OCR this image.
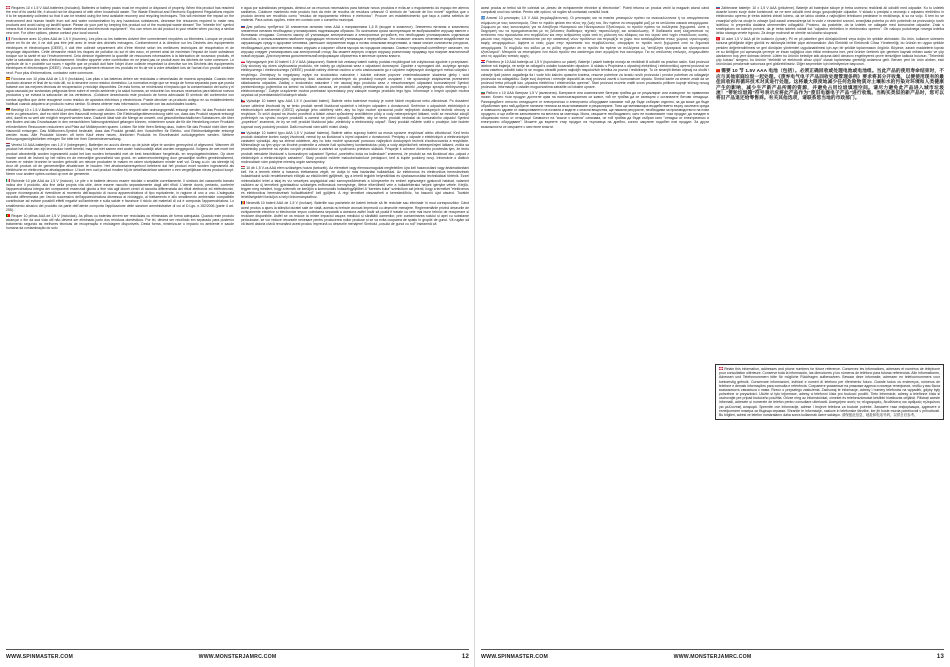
Requires 10 x 1.5 V AAA batteries (included). Batteries or battery packs must be recycled or disposed of properly. When this product has reached the end of its useful life, it should not be disposed of with other household waste. The Waste Electrical and Electronic Equipment Regulations require it to be separately collected so that it can be treated using the best available recovery and recycling techniques. This will minimize the impact on the environment and human health from soil and water contamination by any hazardous substances, decrease the resources required to make new products and avoid using up landfill space. Please do your part by keeping this product out of the municipal waste stream! The "wheelie bin" symbol means that it should be collected as "waste electrical and electronic equipment". You can return an old product to your retailer when you buy a similar new one. For other options, please contact your local council.

Fonctionne avec 10 piles AAA de 1,5 V (fournies). Les piles ou les batteries doivent être correctement recyclées ou éliminées. Lorsque ce produit arrive en fin de vie, il ne doit pas être jeté avec le reste des déchets ménagers. Conformément à la directive sur les Déchets des équipements électriques et électroniques (DEEE), il doit être collecté séparément afin d'être éliminé selon les meilleures techniques de récupération et de recyclage disponibles. Cette démarche réduit les risques de pollution du sol et des eaux, et permet ainsi de minimiser l'impact de toute substance toxique sur la santé et sur l'environnement. Cela diminue également la quantité de ressources nécessaires à la fabrication de nouveaux produits, et évite la saturation des sites d'enfouissement. Veuillez apporter votre contribution en ne jetant pas ce produit avec les déchets de votre commune. Le symbole de la « poubelle sur roues » signifie que ce produit doit faire l'objet d'une collecte respectant la directive sur les Déchets des équipements électriques et électroniques (DEEE). Vous pouvez également retourner les produits en fin de vie à votre détaillant lors de l'achat d'un produit similaire neuf. Pour plus d'informations, contactez votre commune.

Funciona con 10 pilas AAA de 1,5 V (incluidas). Las pilas o las baterías deben ser recicladas o desechadas de manera apropiada. Cuando este producto alcance el final de su vida útil, no lo deseche como residuo doméstico. La normativa exige que se recoja de forma separada para que pueda tratarse con las mejores técnicas de recuperación y reciclaje disponibles. De esta forma, se minimizará el impacto que la contaminación del suelo y el agua causada por sustancias peligrosas tiene sobre el medio ambiente y la salud humana, se reducirán los recursos necesarios para fabricar nuevos productos y se evitará la saturación de los vertederos. ¡Colabore desechando este producto de forma adecuada! El símbolo del contenedor con ruedas significa que debe recogerse como residuo de aparatos eléctricos y electrónicos. Puede devolver un producto antiguo en su establecimiento habitual cuando adquiera un producto nuevo similar. Si desea obtener más información, consulte con las autoridades locales.

Benötigt 10 x 1,5-V-Batterien AAA (enthalten). Batterien oder Akkus müssen recycelt oder ordnungsgemäß entsorgt werden. Ist das Produkt nicht mehr zu gebrauchen, darf es nicht über den Hausmüll entsorgt werden. Die Elektroaltgeräteverordnung sieht vor, dass das Produkt separat entsorgt wird, damit es so weit wie möglich recycelt werden kann. Dadurch lässt sich die Menge an umwelt- und gesundheitsschädlichen Substanzen, die über den Boden und das Grundwasser in den menschlichen Nahrungskreislauf gelangen können, minimieren sowie die für die Herstellung neuer Produkte erforderlichen Ressourcen reduzieren und Platz auf Mülldeponien sparen. Leisten Sie bitte Ihren Beitrag dazu, indem Sie das Produkt nicht über den Hausmüll entsorgen. Das Mülltonnen-Symbol bedeutet, dass das Produkt gemäß den Vorschriften für Elektro- und Elektronikaltgeräte entsorgt werden muss. Alte Produkte können oft beim Kauf eines neuen, ähnlichen Produkts im Einzelhandel zurückgegeben werden. Weitere Entsorgungsmöglichkeiten erfragen Sie bitte bei Ihrer Gemeindeverwaltung.

Vereist 10 AAA-batterijen van 1,5 V (inbegrepen). Batterijen en accu's dienen op de juiste wijze te worden gerecycled of afgevoerd. Wanneer dit product het einde van zijn levensduur heeft bereikt, mag het niet samen met ander huishoudelijk afval worden weggegooid. Volgens de wet moet het product afzonderlijk worden ingezameld zodat het kan worden behandeld met de best beschikbare hergebruik- en recyclagetechnieken. Op deze manier wordt de invloed op het milieu en de menselijke gezondheid van grond- en waterverontreiniging door gevaarlijke stoffen geminimaliseerd, hoeven er minder bronnen te worden gebruikt om nieuwe producten te maken en raken stortplaatsen minder snel vol. Draag a.u.b. uw steentje bij door dit product uit de gemeentelijke afvalstroom te houden. Het afvalcontainersymbool betekent dat het product moet worden ingezameld als elektrische en elektronische afvalapparatuur. U kunt een oud product inruilen bij de detailhandelaar wanneer u een vergelijkbaar nieuw product koopt. Neem voor andere opties contact op met de gemeente.

Richiede 10 pile AAA da 1,5 V (incluse). Le pile o le batterie devono essere riciclate o smaltite correttamente. Il simbolo del cassonetto barrato indica che il prodotto, alla fine della propria vita utile, deve essere raccolto separatamente dagli altri rifiuti. L'utente dovrà, pertanto, conferire l'apparecchiatura integra dei componenti essenziali giunta a fine vita agli idonei centri di raccolta differenziata dei rifiuti elettronici ed elettrotecnici, oppure riconsegnarla al rivenditore al momento dell'acquisto di nuova apparecchiatura di tipo equivalente, in ragione di uno a uno. L'adeguata raccolta differenziata per l'avvio successivo dell'apparecchiatura dismessa al riciclaggio, al trattamento e allo smaltimento ambientale compatibile contribuisce ad evitare possibili effetti negativi sull'ambiente e sulla salute e favorisce il riciclo dei materiali di cui è composta l'apparecchiatura. Lo smaltimento abusivo del prodotto da parte dell'utente comporta l'applicazione delle sanzioni amministrative di cui al D.Lgs. n.152/2006 (parte 4 art. 255).

Requer 10 pilhas AAA de 1,5 V (incluídas). As pilhas ou baterias devem ser recicladas ou eliminadas de forma adequada. Quando este produto alcançar o fim da sua vida útil não deverá ser eliminado junto dos resíduos domésticos. Por lei, deverá ser recolhido em separado para posterior tratamento segundo as melhores técnicas de recuperação e reciclagem disponíveis. Desta forma, minimiza-se o impacto no ambiente e saúde humana da contaminação do solo

e água por substâncias perigosas, diminui-se os recursos necessários para fabricar novos produtos e evita-se o esgotamento do espaço em aterros sanitários. Colabore mantendo este produto fora da rede de recolha de resíduos urbanos! O símbolo de "caixote de lixo móvel" significa que o produto deverá ser recolhido como "resíduo de equipamento elétrico e eletrónico". Procure um estabelecimento que faça a coleta seletiva de material. Para outras opções, entre em contato com o conselho municipal.

Для работы требуется 10 элементов питания типа AAA с напряжением 1,5 В (входят в комплект). Элементы питания и комплекты элементов питания необходимо утилизировать надлежащим образом. По окончании срока эксплуатации не выбрасывайте игрушку вместе с бытовыми отходами. Согласно закону об утилизации электрических и электронных устройств, его необходимо утилизировать отдельным способом, с использованием наиболее подходящих технологий утилизации и переработки. Это позволит снизить негативное воздействие на окружающую среду и здоровье человека, уменьшит загрязнение воды и почвы опасными веществами, а также снизит количество ресурсов, необходимых для изготовления новых игрушек и сократит объем мусора на городских свалках. Символ «мусорный контейнер» означает, что игрушку следует утилизировать как электронный отход. Вы можете вернуть старую игрушку розничному продавцу при покупке аналогичной новой игрушки. Для получения дополнительной информации обратитесь в местные органы власти.

Wymaganych jest 10 baterii 1,5 V AAA (dołączone). Baterie lub zestawy baterii należy poddać recyklingowi lub zutylizować zgodnie z przepisami. Gdy skończy się okres użytkowania produktu, nie należy go utylizować wraz z odpadami domowymi. Zgodnie z wymogami dot. zużytego sprzętu elektrycznego i elektronicznego (WEEE) produkt należy zbierać osobno w celu zastosowania go z użyciem najlepszych dostępnych metod odzysku i recyklingu. Zmniejszy to negatywny wpływ na środowisko naturalne i ludzkie zdrowie poprzez zminimalizowanie skażenia gleby i wód niebezpiecznymi substancjami, ograniczy ilość zasobów potrzebnych do produkcji nowych urządzeń i nie spowoduje zwiększenia przestrzeni składowania odpadów. Zadbaj o środowisko naturalne i nie usuwaj tego produktu wraz z niesortowanymi odpadami komunalnymi! Symbol przekreślonego pojemnika na śmieci na kółkach oznacza, że produkt należy przekazywać do punktów zbiórki „zużytego sprzętu elektrycznego i elektronicznego". Zużyte urządzenie można przekazać sprzedawcy przy zakupie nowego produktu tego typu. Informacje o innych opcjach można uzyskać od przedstawicieli lokalnych władz.

Vyžaduje 10 baterií typu AAA 1,5 V (součástí balení). Baterie nebo bateriové moduly je nutné řádně recyklovat nebo zlikvidovat. Po dosažení konce užitečné životnosti by se tento produkt neměl likvidovat společně s běžným odpadem z domácnosti. Směrnice o odpadních elektrických a elektronických zařízeních (OEEZ) vyžaduje jeho oddělený sběr, aby ho bylo možné zpracovat podle nejlepších dostupných technik obnovy a recyklace. To sníží dopad na životní prostředí a lidské zdraví způsobený znečištěním půdy a vody nebezpečnými látkami, sníží se množství zdrojů potřebných na výrobu nových produktů a zamezí se plnění odpadů. Zajistěte, aby se tento produkt nedostal do komunálního odpadu! Symbol „popelnice" znamená, že by se měl produkt likvidovat jako „elektrický a elektronický odpad". Starý produkt můžete vrátit u prodejce, kde budete kupovat nový podobný produkt. Další možnosti vám sdělí místní úřady.

Vyžaduje 10 batérií typu AAA 1,5 V (súčasť balenia). Batérie alebo súpravy batérií sa musia správne recyklovať alebo zlikvidovať. Keď tento produkt dosiahne koniec svojej životnosti, nemal by sa likvidovať s inými odpadmi z domácnosti. Predpisy o odpade z elektrických a elektronických zariadení vyžadujú, aby sa zbieral oddelene, aby ho bolo možné spracovať pomocou najlepších dostupných techník zhodnocovania a recyklácie. Minimalizuje sa tým vplyv na životné prostredie a zdravie ľudí spôsobený kontamináciou pôdy a vody akýmikoľvek nebezpečnými látkami, znížia sa prostriedky potrebné na výrobu nových produktov a zabráni sa využívaniu priestoru skládok. Prispejte k ochrane životného prostredia tým, že tento produkt nebudete likvidovať s komunálnym odpadom! Symbol „smetného koša na kolieskach" znamená, že produkt sa má likvidovať ako „odpad z elektrických a elektronických zariadení". Starý produkt môžete maloobchodníkovi predajcovi, keď si kúpite podobný nový. Informácie o ďalších možnostiach vám poskytne miestny orgán samosprávy.

10 db 1,5 V-os AAA elem szükséges hozzá (tartozék). Az elemeket vagy elemcsomagokat megfelelően újra kell hasznosítani vagy ártalmatlanítani kell. Ha a termék elérte a hasznos élettartama végét, ne dobja ki más háztartási hulladékkal. Az elektromos és elektronikus berendezések hulladékairól szóló rendelkezések előírják az elkülönített gyűjtését, így a lehető legjobb helyreállítási és újrahasznosítási technikákkal történik. Ezzel minimalizálni lehet a talaj és víz veszélyes anyagokkal való szennyeződésének a környezetre és emberi egészségre gyakorolt hatását, valamint csökken az új termékek gyártásához szükséges erőforrások mennyisége, illetve elkerülhető vele a hulladéklerakó helyek igénybe vétele. Kérjük, tegyen meg mindent, hogy a termék ne kerüljön a kommunális hulladékgyűjtőbe! A "kerekes kuka" szimbólum azt jelenti, hogy a terméket "elektromos és elektronikus berendezések hulladékaként" kell gyűjteni. A régi terméket visszaviheti a kereskedőhöz, ha hasonló újat vásárol. További lehetőségekért forduljon a helyi önkormányzathoz.

Necesită 10 baterii AAA de 1,5 V (incluse). Bateriile sau pachetele de baterii trebuie să fie reciclate sau eliminate în mod corespunzător. Când acest produs a ajuns la sfârșitul duratei sale de viață, acesta nu trebuie aruncat împreună cu deșeurile menajere. Reglementările privind deșeurile de echipamente electrice și electronice impun colectarea separată a acestora astfel încât să poată fi tratate cu cele mai bune tehnici de recuperare și reciclare disponibile. Astfel se va reduce la minim impactul asupra mediului și sănătății oamenilor, prin contaminarea solului și apei cu substanțe periculoase, se vor reduce resursele necesare pentru producerea noilor produse și se va evita ocuparea de spațiu în gropile de gunoi. Vă rugăm să vă faceți datoria civică renunțând acest produs împreună cu deșeurile menajere! Simbolul „coșului de gunoi cu roți" înseamnă că

WWW.SPINMASTER.COM	WWW.MONSTERJAMRC.COM	12

acest produs ar trebui să fie colectat ca „deșeu de echipamente electrice și electronice". Puteți returna un produs vechi la magazin atunci când cumpărați unul nou similar. Pentru alte opțiuni, vă rugăm să contactați consiliul local.

Απαιτεί 10 μπαταρίες 1,5 V AAA (περιλαμβάνονται). Οι μπαταρίες και τα πακέτα μπαταριών πρέπει να ανακυκλώνονται ή να απορρίπτονται σύμφωνα με τους κανονισμούς. Όταν το προϊόν φτάσει στο τέλος της ζωής του, δεν πρέπει να απορριφθεί μαζί με τα υπόλοιπα οικιακά απορρίμματα. Σύμφωνα με τους κανονισμούς για τα Απόβλητα Ηλεκτρικού και Ηλεκτρονικού Εξοπλισμού, το προϊόν πρέπει να συλλέγεται ξεχωριστά, ώστε η διαχείρισή του να πραγματοποιείται με τις βέλτιστες διαθέσιμες τεχνικές περισυλλογής και ανακύκλωσης. Η διαδικασία αυτή ελαχιστοποιεί τις αντίκτυπο που προκαλείται στο περιβάλλον και στην ανθρώπινη υγεία από τη μόλυνση του εδάφους και του νερού από τυχόν επικίνδυνες ουσίες, μειώνει τους πόρους που απαιτούνται για την κατασκευή νέων προϊόντων και περιορίζει το χώρο που καταλαμβάνεται στους χώρους υγειονομικής ταφής απορριμμάτων. Αφήστε κι εσείς χώρο στην προστασία του περιβάλλοντος: απορρίψτε το προϊόν αυτό ξεχωριστά από τα δημοτικά απορρίμματα. Το σύμβολο του κάδου με τις ρόδες σημαίνει ότι το προϊόν θα πρέπει να συλλέγεται ως "απόβλητο ηλεκτρικού και ηλεκτρονικού εξοπλισμού". Μπορείτε να επιστρέψετε ένα παλιό προϊόν στο κατάστημα όταν αγοράζετε ένα καινούργιο. Για τις υπόλοιπες επιλογές, ενημερωθείτε από τις αρμόδιες τοπικές αρχές.

Potrebno je 10 AAA baterija od 1,5 V (isporučeno uz paket). Baterije i paketi baterija moraju se reciklirati ili odložiti na pravilan način. Kad proizvod istekne rok trajanja, ne smije se odlagati s ostalim kućanskim otpadom. U skladu s Propisima o otpadnoj električnoj i elektroničkoj opremi proizvod se mora zasebno odložiti kako bi se mogao obraditi putem najboljih raspoloživih tehnika za povrat i recikliranje. To će smanjiti štetan utjecaj na okoliš i zdravlje ljudi putem zagađenja tla i vode bilo kakvim opasnim tvarima, resurse potrebne za izradu novih proizvoda i prostor potreban za odlaganje proizvoda na odlagalištu. Dajte svoj doprinos i nemojte dopustiti da ovaj proizvod završi u komunalnom otpadu. Simbol kante za smeće znači da se proizvod treba prikupiti kao „otpadna električna i elektronička oprema". Stari proizvod možete vratiti svom prodavaču prilikom kupnje sličnog novog proizvoda. Informacije o ostalim mogućnostima zatražite od lokalne uprave.

Работи с 10 AAA батерии 1,5 V (включени). Батериите или комплектите батерии трябва да се рециклират или изхвърлят по правилния начин. Когато този продукт достигне края на експлоатационния си живот, той не трябва да се изхвърля с останалите битови отпадъци. Разпоредбите относно отпадъците от електрическо и електронно оборудване изискват той да бъде събиран отделно, за да може да бъде обработван чрез най-добрите налични техники за възстановяване и рециклиране. Това ще минимизира въздействието върху околната среда и човешкото здраве от замърсяването на почвата и водите с опасни вещества, ще намали ресурсите, необходими за производството на нови продукти, и ще избегне запълването на местата за сметища. Моля, свършете необходимото, като не позволявате този продукт да попадне в общинския поток от отпадъци! Символът на "кошче с колела" означава, че той трябва да бъде събран като "отпадък от електрическо и електронно оборудване". Можете да върнете стар продукт на търговеца на дребно, когато закупите подобен нов продукт. За други възможности се свържете с местните власти.

Zahtevane baterije: 10 x 1,5 V AAA (priložene). Baterije ali baterijske sklope je treba ustrezno reciklirati ali odložiti med odpadke. Ko to izdelek doseže konec svoje dobe koristnosti, se ne sme odložiti med drugo gospodinjske odpadke. V skladu s predpisi o ravnanju z odpadno električno in elektronsko opremo je treba izdelek zbirati ločeno, da se lahko obdela z najboljšimi tehnikami predelave in recikliranja, ki so na voljo. S tem bo se zmanjšal vpliv na okolje in zdravje ljudi zaradi onesnaženja tal in vode z nevarnimi snovmi, zmanjšala potreba po virih potrebnih za proizvodnjo novih izdelkov, in preprečila dodatna obremenitev odlagališč. Prosimo, da poskrbite, da ta izdelek ne odlagate med komunalne odpadke. Znak s smetnjakom na kolesih pomeni, da je treba izdelek oddati kot "odpadno električno in elektronsko opremo". Ob nakupu podobnega novega izdelka lahko staraga vrnete trgovcu. Za druge možnosti se obrnite na lokalno skupnost.

10 adet 1,5 V AAA pil ile kullanılır (içinde). Pil ve pil paketleri geri dönüştürülmeli veya doğru bir şekilde atılmalıdır. Bu ürün, kullanım süresinin sonuna geldiğinde diğer günlük ev atıklarıyla birlikte çöpe atılmamalıdır. Atık Elektrikli ve Elektronik Cihaz Yönetmeliği, bu ürünün en uygun şekilde yeniden değerlendirilmesi ve geri dönüşüm yöntemleri uygulanabilmesi için ayrı bir şekilde toplanmasını öngörür. Böylece, zararlı maddelerin toprak ve su kirliliğine yol açmasıyla çevreye ve insan sağlığına olan etkisi minimuma iner, yeni ürünler üretmek için gereken kaynak miktarı azalır ve çöp alanlarının boş yere dolması önlenir. Lütfen bu ürünün belediye atık akışına dahil olmasını engelleyerek çevre temizliğine katkıda bulunun. "Tekerlekli çöp kutusu" simgesi, bu ürünün "elektrikli ve elektronik cihaz çöpü" olarak toplanması gerektiği anlamına gelir. Benzer yeni bir ürün alırken, eski ürününüzü perakende satıcınıza geri götürebilirsiniz. Diğer seçenekler için belediyenize başvurun.

需要 10 节 1.5V AAA 电池（包括）。必须正确回收或处理电池或电池组。当此产品的使用寿命结束时，不应与其他家庭垃圾一起处理。《废弃电气电子产品回收处理管理条例》要求将其分开收集，以便使用现有的最佳回收和再循环技术对其进行处理。这将最大限度地减少任何危险物质对土壤和水的污染对环境和人类健康产生的影响，减少生产新产品所需的资源，并避免占用垃圾填埋空间。请尽力避免此产品进入城市垃圾流！“带轮垃圾箱”符号表示应将此产品作为“废旧电器电子产品”进行收集。当购买类似的新产品时，您可以将旧产品退还给零售商。有关其他选项，请联系您当地的市政部门。

Retain this information, addresses and phone numbers for future reference. Conservez les informations, adresses et numéros de téléphone pour consultation ultérieure. Conserve toda la información, las direcciones y los números de teléfono para futuras referencias. Alle Informationen, Adressen und Telefonnummern bitte für mögliche Rückfragen aufbewahren. Bewaar deze informatie, adressen en telefoonnummers voor toekomstig gebruik. Conservare informazioni, indirizzi e numeri di telefono per riferimento futuro. Guarde todos os endereços, números de telefone e demais informações para consulta e referência. Сохраните указанные на упаковке адреса и номера телефонов, чтобы у вас была возможность связаться с нами. Rzecz o przyszłego zasłużenia. Zachowaj te informacje, adresy i numery telefonów na wypadek, gdyby były potrzebne w przyszłości. Uložte si tyto informace, adresy a telefonní čísla pro budoucí použití. Tieto informácie, adresy a telefónne čísla si uschovajte pre prípad budúceho použitia. Őrizze meg az információkat, címeket és telefonszámokat későbbi hivatkozás céljából. Păstrați aceste informații, adresele și numerele de telefon pentru consultare ulterioară. Διατηρήστε αυτές τις πληροφορίες, διευθύνσεις και αριθμούς τηλεφώνου για μελλοντική αναφορά. Spremite ove informacije, adrese i brojeve telefona za buduće potrebe. Запазете тази информация, адресите и телефонните номера за бъдещи справки. Shranite te informacije, naslove in telefonske številke, ker jih boste morda potrebovali v prihodnosti. Bu bilgileri, adresi ve telefon numaralarını daha sonra kullanmak üzere saklayın. 请保留此信息、地址和电话号码，以供日后参考。

WWW.SPINMASTER.COM	WWW.MONSTERJAMRC.COM	13
